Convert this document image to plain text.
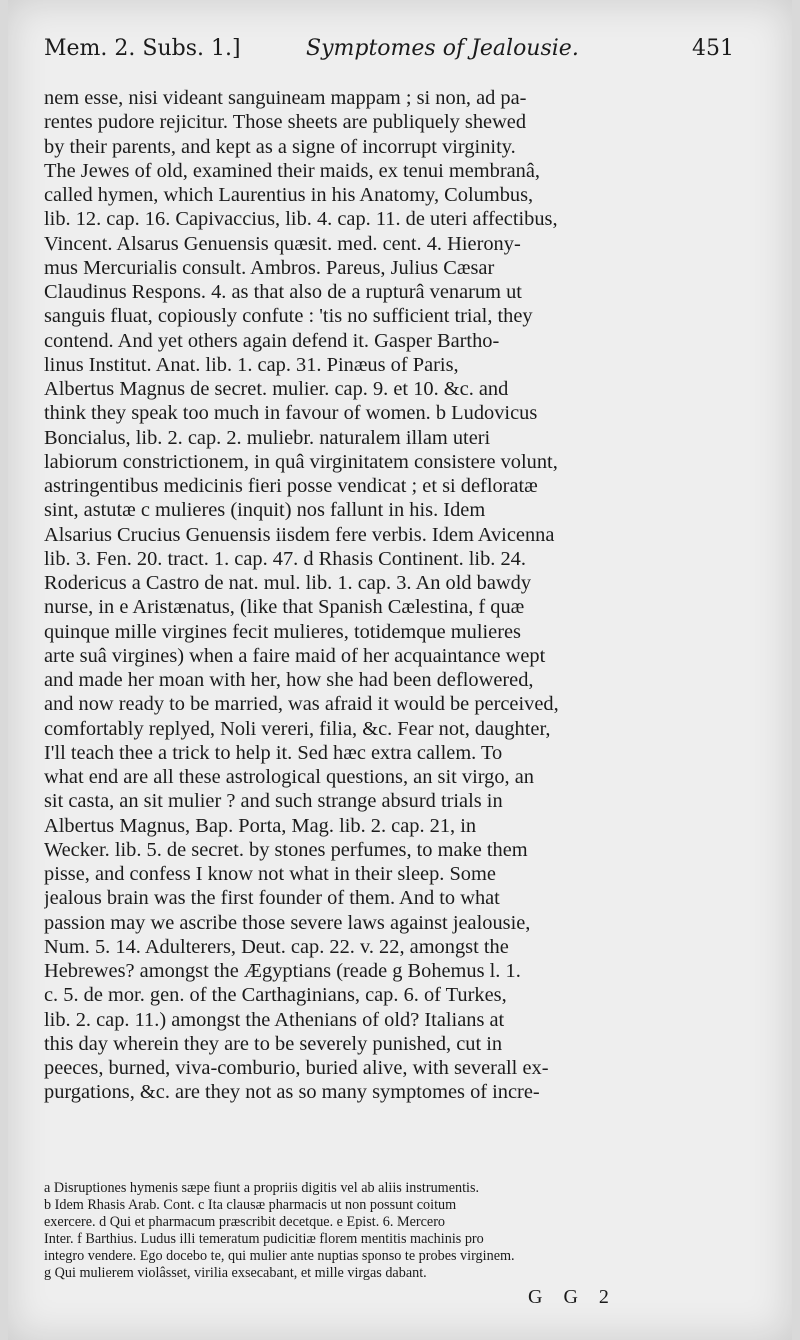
Mem. 2. Subs. 1.]	Symptomes of Jealousie.	451
nem esse, nisi videant sanguineam mappam ; si non, ad pa-
rentes pudore rejicitur. Those sheets are publiquely shewed
by their parents, and kept as a signe of incorrupt virginity.
The Jewes of old, examined their maids, ex tenui membranâ,
called hymen, which Laurentius in his Anatomy, Columbus,
lib. 12. cap. 16. Capivaccius, lib. 4. cap. 11. de uteri affectibus,
Vincent. Alsarus Genuensis quæsit. med. cent. 4. Hierony-
mus Mercurialis consult. Ambros. Pareus, Julius Cæsar
Claudinus Respons. 4. as that also de a rupturâ venarum ut
sanguis fluat, copiously confute : 'tis no sufficient trial, they
contend. And yet others again defend it. Gasper Bartho-
linus Institut. Anat. lib. 1. cap. 31. Pinæus of Paris,
Albertus Magnus de secret. mulier. cap. 9. et 10. &c. and
think they speak too much in favour of women. b Ludovicus
Boncialus, lib. 2. cap. 2. muliebr. naturalem illam uteri
labiorum constrictionem, in quâ virginitatem consistere volunt,
astringentibus medicinis fieri posse vendicat ; et si defloratæ
sint, astutæ c mulieres (inquit) nos fallunt in his. Idem
Alsarius Crucius Genuensis iisdem fere verbis. Idem Avicenna
lib. 3. Fen. 20. tract. 1. cap. 47. d Rhasis Continent. lib. 24.
Rodericus a Castro de nat. mul. lib. 1. cap. 3. An old bawdy
nurse, in e Aristænatus, (like that Spanish Cælestina, f quæ
quinque mille virgines fecit mulieres, totidemque mulieres
arte suâ virgines) when a faire maid of her acquaintance wept
and made her moan with her, how she had been deflowered,
and now ready to be married, was afraid it would be perceived,
comfortably replyed, Noli vereri, filia, &c. Fear not, daughter,
I'll teach thee a trick to help it. Sed hæc extra callem. To
what end are all these astrological questions, an sit virgo, an
sit casta, an sit mulier ? and such strange absurd trials in
Albertus Magnus, Bap. Porta, Mag. lib. 2. cap. 21, in
Wecker. lib. 5. de secret. by stones perfumes, to make them
pisse, and confess I know not what in their sleep. Some
jealous brain was the first founder of them. And to what
passion may we ascribe those severe laws against jealousie,
Num. 5. 14. Adulterers, Deut. cap. 22. v. 22, amongst the
Hebrewes? amongst the Ægyptians (reade g Bohemus l. 1.
c. 5. de mor. gen. of the Carthaginians, cap. 6. of Turkes,
lib. 2. cap. 11.) amongst the Athenians of old? Italians at
this day wherein they are to be severely punished, cut in
peeces, burned, viva-comburio, buried alive, with severall ex-
purgations, &c. are they not as so many symptomes of incre-
a Disruptiones hymenis sæpe fiunt a propriis digitis vel ab aliis instrumentis.
b Idem Rhasis Arab. Cont. c Ita clausæ pharmacis ut non possunt coitum
exercere. d Qui et pharmacum præscribit decetque. e Epist. 6. Mercero
Inter. f Barthius. Ludus illi temeratum pudicitiæ florem mentitis machinis pro
integro vendere. Ego docebo te, qui mulier ante nuptias sponso te probes virginem.
g Qui mulierem violâsset, virilia exsecabant, et mille virgas dabant.
G G 2
